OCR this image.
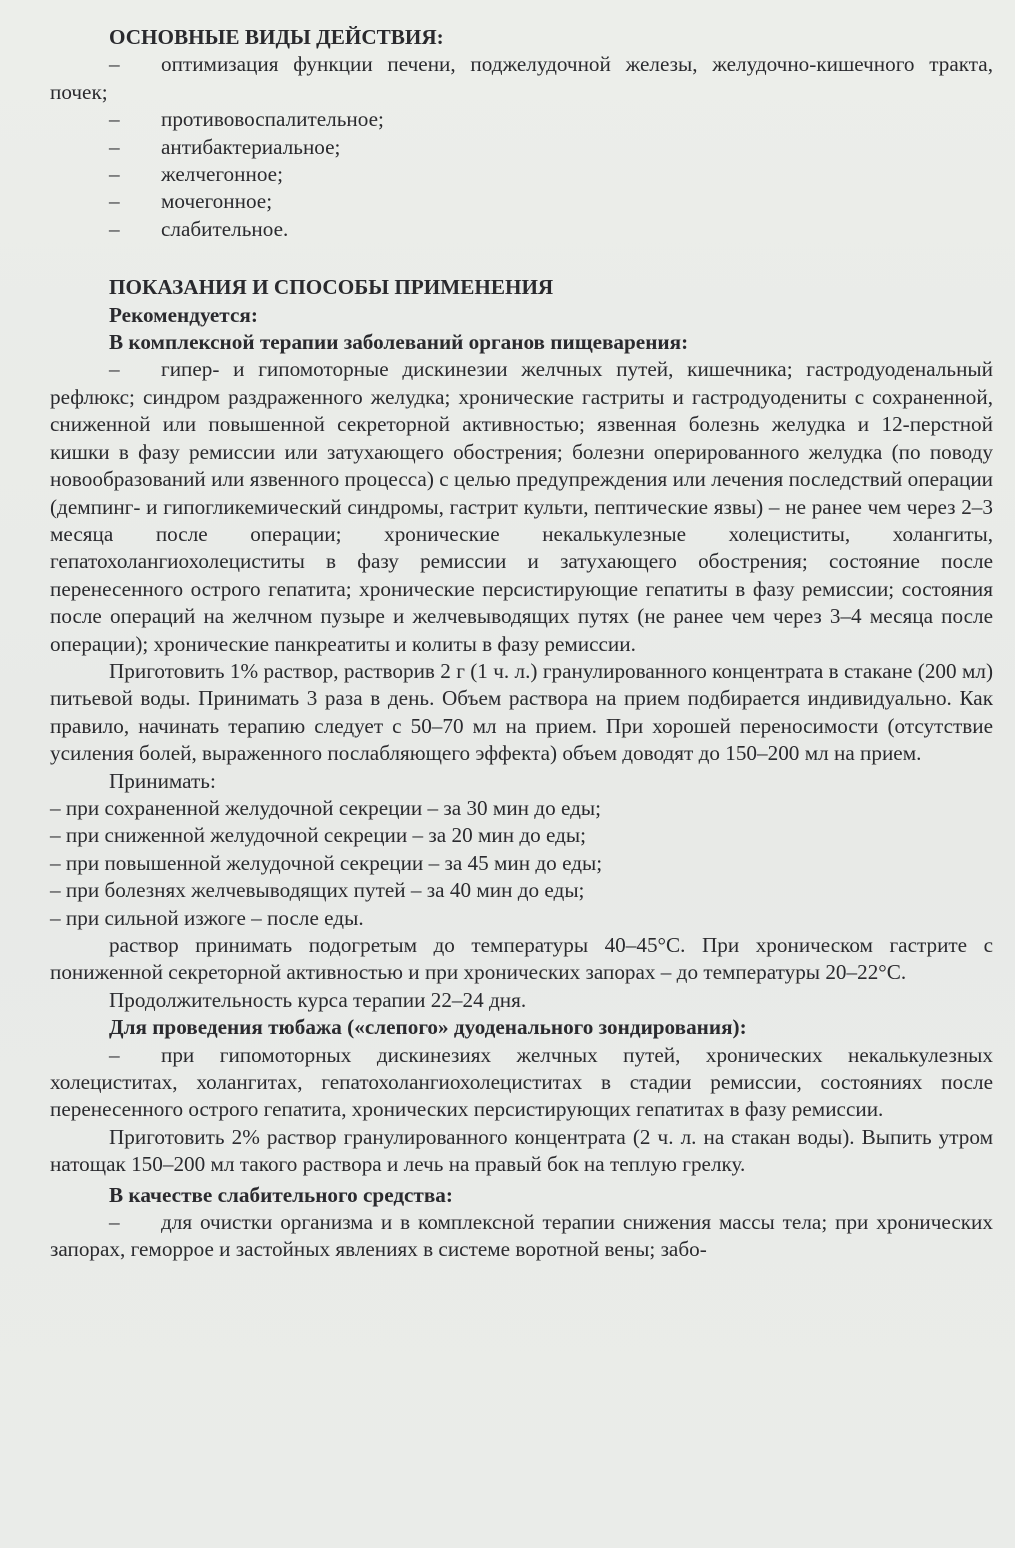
ОСНОВНЫЕ ВИДЫ ДЕЙСТВИЯ:
– оптимизация функции печени, поджелудочной железы, желудочно-кишечного тракта, почек;
– противовоспалительное;
– антибактериальное;
– желчегонное;
– мочегонное;
– слабительное.
ПОКАЗАНИЯ И СПОСОБЫ ПРИМЕНЕНИЯ
Рекомендуется:
В комплексной терапии заболеваний органов пищеварения:
– гипер- и гипомоторные дискинезии желчных путей, кишечника; гастродуоденальный рефлюкс; синдром раздраженного желудка; хронические гастриты и гастродуодениты с сохраненной, сниженной или повышенной секреторной активностью; язвенная болезнь желудка и 12-перстной кишки в фазу ремиссии или затухающего обострения; болезни оперированного желудка (по поводу новообразований или язвенного процесса) с целью предупреждения или лечения последствий операции (демпинг- и гипогликемический синдромы, гастрит культи, пептические язвы) – не ранее чем через 2–3 месяца после операции; хронические некалькулезные холециститы, холангиты, гепатохолангиохолециститы в фазу ремиссии и затухающего обострения; состояние после перенесенного острого гепатита; хронические персистирующие гепатиты в фазу ремиссии; состояния после операций на желчном пузыре и желчевыводящих путях (не ранее чем через 3–4 месяца после операции); хронические панкреатиты и колиты в фазу ремиссии.
Приготовить 1% раствор, растворив 2 г (1 ч. л.) гранулированного концентрата в стакане (200 мл) питьевой воды. Принимать 3 раза в день. Объем раствора на прием подбирается индивидуально. Как правило, начинать терапию следует с 50–70 мл на прием. При хорошей переносимости (отсутствие усиления болей, выраженного послабляющего эффекта) объем доводят до 150–200 мл на прием.
Принимать:
– при сохраненной желудочной секреции – за 30 мин до еды;
– при сниженной желудочной секреции – за 20 мин до еды;
– при повышенной желудочной секреции – за 45 мин до еды;
– при болезнях желчевыводящих путей – за 40 мин до еды;
– при сильной изжоге – после еды.
раствор принимать подогретым до температуры 40–45°C. При хроническом гастрите с пониженной секреторной активностью и при хронических запорах – до температуры 20–22°C.
Продолжительность курса терапии 22–24 дня.
Для проведения тюбажа («слепого» дуоденального зондирования):
– при гипомоторных дискинезиях желчных путей, хронических некалькулезных холециститах, холангитах, гепатохолангиохолециститах в стадии ремиссии, состояниях после перенесенного острого гепатита, хронических персистирующих гепатитах в фазу ремиссии.
Приготовить 2% раствор гранулированного концентрата (2 ч. л. на стакан воды). Выпить утром натощак 150–200 мл такого раствора и лечь на правый бок на теплую грелку.
В качестве слабительного средства:
– для очистки организма и в комплексной терапии снижения массы тела; при хронических запорах, геморрое и застойных явлениях в системе воротной вены; забо-
